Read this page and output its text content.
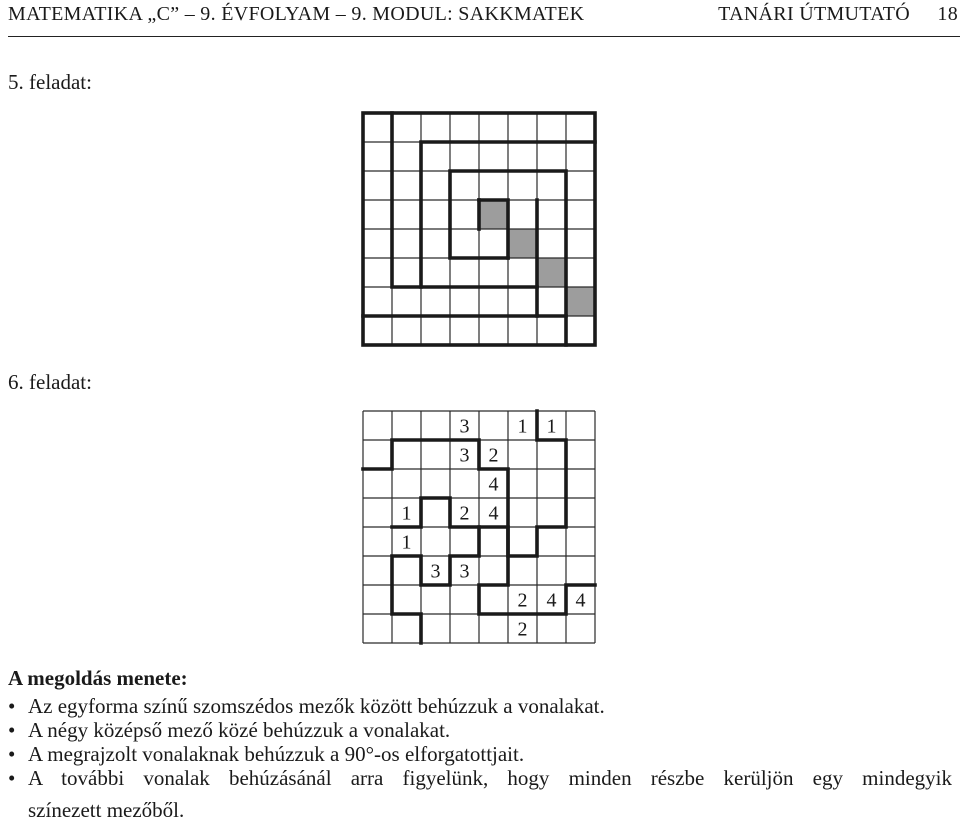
MATEMATIKA „C” – 9. ÉVFOLYAM – 9. MODUL: SAKKMATEK	TANÁRI ÚTMUTATÓ 18
5. feladat:
6. feladat:
3 1 1
3 2
4
1 2 4
1
3 3
2 4 4
2
A megoldás menete:
• Az egyforma színű szomszédos mezők között behúzzuk a vonalakat.
• A négy középső mező közé behúzzuk a vonalakat.
• A megrajzolt vonalaknak behúzzuk a 90°-os elforgatottjait.
• A további vonalak behúzásánál arra figyelünk, hogy minden részbe kerüljön egy mindegyik
színezett mezőből.
